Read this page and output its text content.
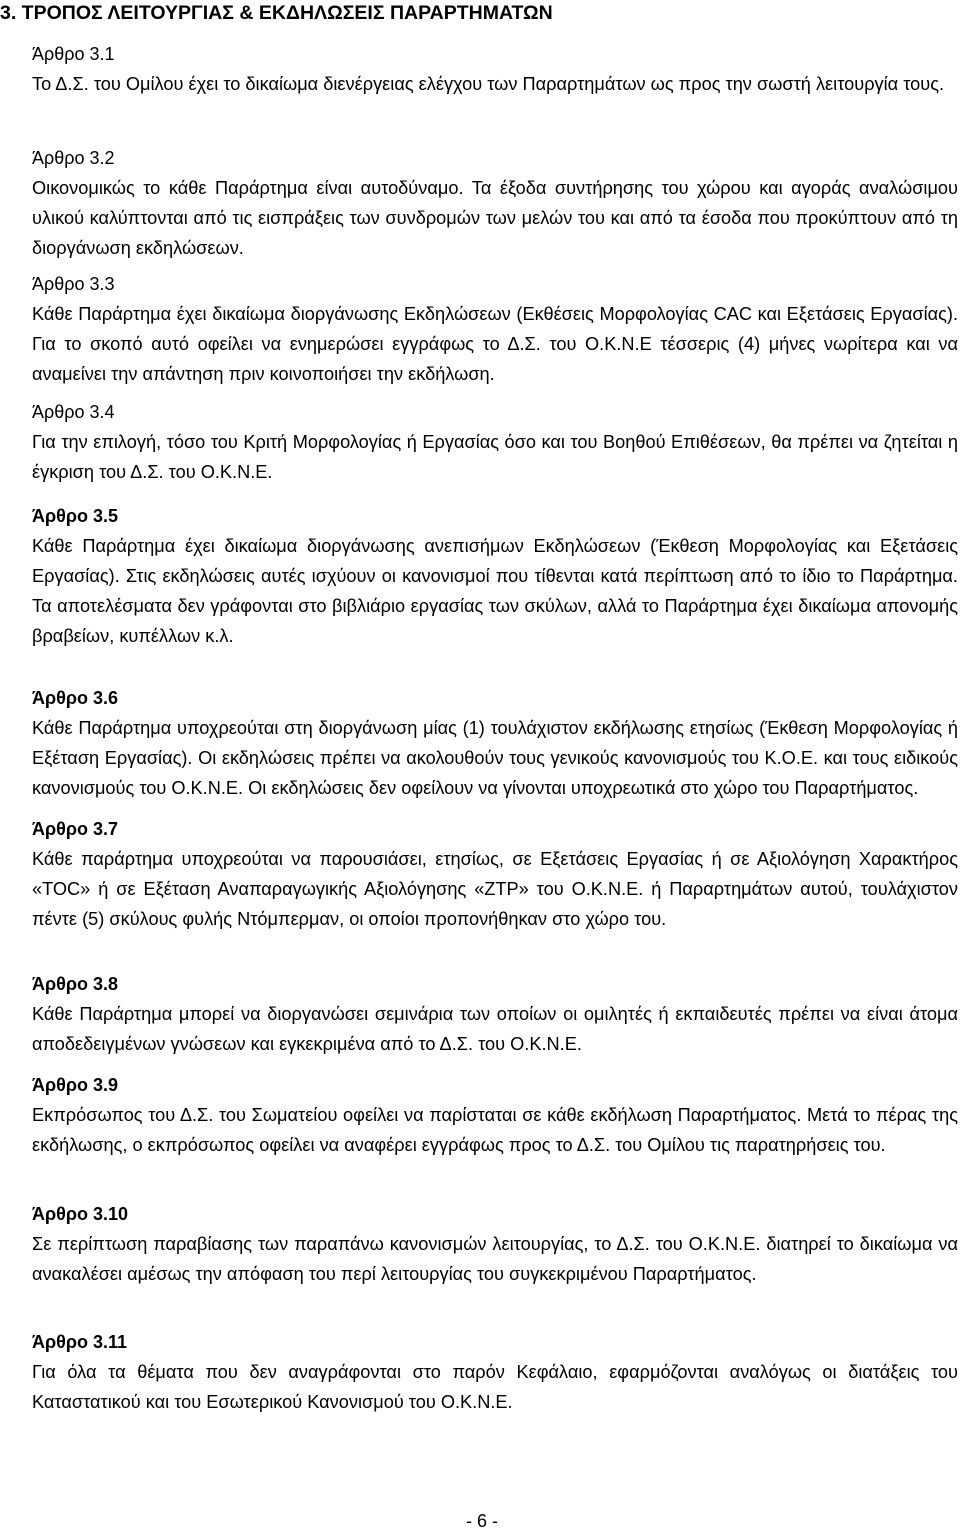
3. ΤΡΟΠΟΣ ΛΕΙΤΟΥΡΓΙΑΣ & ΕΚΔΗΛΩΣΕΙΣ ΠΑΡΑΡΤΗΜΑΤΩΝ
Άρθρο 3.1

Το Δ.Σ. του Ομίλου έχει το δικαίωμα διενέργειας ελέγχου των Παραρτημάτων ως προς την σωστή λειτουργία τους.

Άρθρο 3.2

Οικονομικώς το κάθε Παράρτημα είναι αυτοδύναμο. Τα έξοδα συντήρησης του χώρου και αγοράς αναλώσιμου υλικού καλύπτονται από τις εισπράξεις των συνδρομών των μελών του και από τα έσοδα που προκύπτουν από τη διοργάνωση εκδηλώσεων.

Άρθρο 3.3

Κάθε Παράρτημα έχει δικαίωμα διοργάνωσης Εκδηλώσεων (Εκθέσεις Μορφολογίας CAC και Εξετάσεις Εργασίας). Για το σκοπό αυτό οφείλει να ενημερώσει εγγράφως το Δ.Σ. του Ο.Κ.Ν.Ε τέσσερις (4) μήνες νωρίτερα και να αναμείνει την απάντηση πριν κοινοποιήσει την εκδήλωση.

Άρθρο 3.4

Για την επιλογή, τόσο του Κριτή Μορφολογίας ή Εργασίας όσο και του Βοηθού Επιθέσεων, θα πρέπει να ζητείται η έγκριση του Δ.Σ. του Ο.Κ.Ν.Ε.

Άρθρο 3.5

Κάθε Παράρτημα έχει δικαίωμα διοργάνωσης ανεπισήμων Εκδηλώσεων (Έκθεση Μορφολογίας και Εξετάσεις Εργασίας). Στις εκδηλώσεις αυτές ισχύουν οι κανονισμοί που τίθενται κατά περίπτωση από το ίδιο το Παράρτημα. Τα αποτελέσματα δεν γράφονται στο βιβλιάριο εργασίας των σκύλων, αλλά το Παράρτημα έχει δικαίωμα απονομής βραβείων, κυπέλλων κ.λ.

Άρθρο 3.6

Κάθε Παράρτημα υποχρεούται στη διοργάνωση μίας (1) τουλάχιστον εκδήλωσης ετησίως (Έκθεση Μορφολογίας ή Εξέταση Εργασίας). Οι εκδηλώσεις πρέπει να ακολουθούν τους γενικούς κανονισμούς του Κ.Ο.Ε. και τους ειδικούς κανονισμούς του Ο.Κ.Ν.Ε. Οι εκδηλώσεις δεν οφείλουν να γίνονται υποχρεωτικά στο χώρο του Παραρτήματος.

Άρθρο 3.7

Κάθε παράρτημα υποχρεούται να παρουσιάσει, ετησίως, σε Εξετάσεις Εργασίας ή σε Αξιολόγηση Χαρακτήρος «TOC» ή σε Εξέταση Αναπαραγωγικής Αξιολόγησης «ZTP» του Ο.Κ.Ν.Ε. ή Παραρτημάτων αυτού, τουλάχιστον πέντε (5) σκύλους φυλής Ντόμπερμαν, οι οποίοι προπονήθηκαν στο χώρο του.

Άρθρο 3.8

Κάθε Παράρτημα μπορεί να διοργανώσει σεμινάρια των οποίων οι ομιλητές ή εκπαιδευτές πρέπει να είναι άτομα αποδεδειγμένων γνώσεων και εγκεκριμένα από το Δ.Σ. του Ο.Κ.Ν.Ε.

Άρθρο 3.9

Εκπρόσωπος του Δ.Σ. του Σωματείου οφείλει να παρίσταται σε κάθε εκδήλωση Παραρτήματος. Μετά το πέρας της εκδήλωσης, ο εκπρόσωπος οφείλει να αναφέρει εγγράφως προς το Δ.Σ. του Ομίλου τις παρατηρήσεις του.

Άρθρο 3.10

Σε περίπτωση παραβίασης των παραπάνω κανονισμών λειτουργίας, το Δ.Σ. του Ο.Κ.Ν.Ε. διατηρεί το δικαίωμα να ανακαλέσει αμέσως την απόφαση του περί λειτουργίας του συγκεκριμένου Παραρτήματος.

Άρθρο 3.11

Για όλα τα θέματα που δεν αναγράφονται στο παρόν Κεφάλαιο, εφαρμόζονται αναλόγως οι διατάξεις του Καταστατικού και του Εσωτερικού Κανονισμού του Ο.Κ.Ν.Ε.

- 6 -
